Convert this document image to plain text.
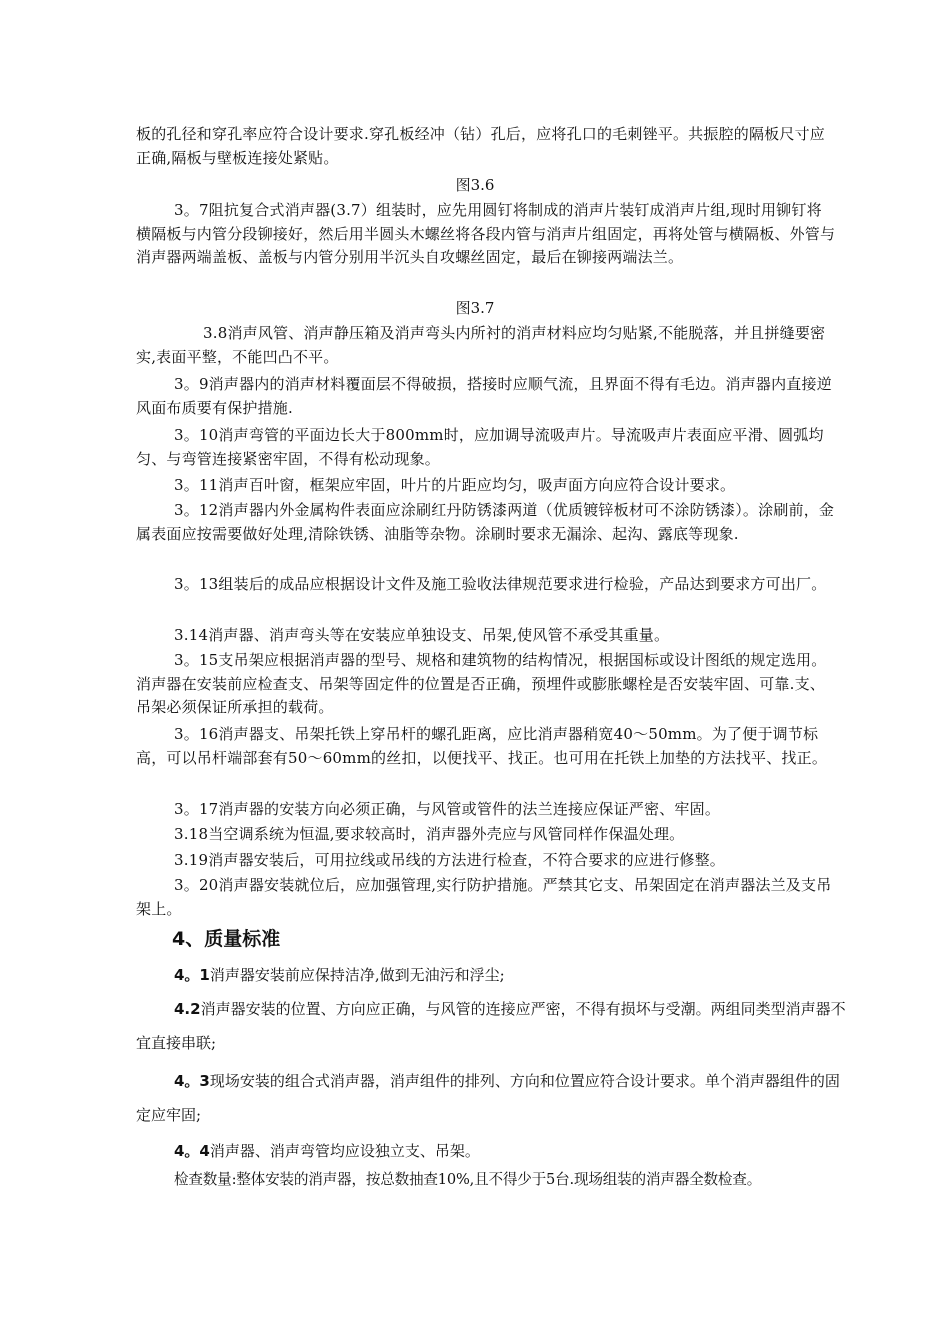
板的孔径和穿孔率应符合设计要求.穿孔板经冲（钻）孔后，应将孔口的毛刺锉平。共振腔的隔板尺寸应正确,隔板与壁板连接处紧贴。

图3.6

3。7阻抗复合式消声器(3.7）组装时，应先用圆钉将制成的消声片装钉成消声片组,现时用铆钉将横隔板与内管分段铆接好，然后用半圆头木螺丝将各段内管与消声片组固定，再将处管与横隔板、外管与消声器两端盖板、盖板与内管分别用半沉头自攻螺丝固定，最后在铆接两端法兰。

图3.7

3.8消声风管、消声静压箱及消声弯头内所衬的消声材料应均匀贴紧,不能脱落，并且拼缝要密实,表面平整，不能凹凸不平。

3。9消声器内的消声材料覆面层不得破损，搭接时应顺气流，且界面不得有毛边。消声器内直接逆风面布质要有保护措施.

3。10消声弯管的平面边长大于800mm时，应加调导流吸声片。导流吸声片表面应平滑、圆弧均匀、与弯管连接紧密牢固，不得有松动现象。

3。11消声百叶窗，框架应牢固，叶片的片距应均匀，吸声面方向应符合设计要求。

3。12消声器内外金属构件表面应涂刷红丹防锈漆两道（优质镀锌板材可不涂防锈漆）。涂刷前，金属表面应按需要做好处理,清除铁锈、油脂等杂物。涂刷时要求无漏涂、起沟、露底等现象.

3。13组装后的成品应根据设计文件及施工验收法律规范要求进行检验，产品达到要求方可出厂。

3.14消声器、消声弯头等在安装应单独设支、吊架,使风管不承受其重量。

3。15支吊架应根据消声器的型号、规格和建筑物的结构情况，根据国标或设计图纸的规定选用。消声器在安装前应检查支、吊架等固定件的位置是否正确，预埋件或膨胀螺栓是否安装牢固、可靠.支、吊架必须保证所承担的载荷。

3。16消声器支、吊架托铁上穿吊杆的螺孔距离，应比消声器稍宽40～50mm。为了便于调节标高，可以吊杆端部套有50～60mm的丝扣，以便找平、找正。也可用在托铁上加垫的方法找平、找正。

3。17消声器的安装方向必须正确，与风管或管件的法兰连接应保证严密、牢固。

3.18当空调系统为恒温,要求较高时，消声器外壳应与风管同样作保温处理。

3.19消声器安装后，可用拉线或吊线的方法进行检查，不符合要求的应进行修整。

3。20消声器安装就位后，应加强管理,实行防护措施。严禁其它支、吊架固定在消声器法兰及支吊架上。

4、质量标准

4。1消声器安装前应保持洁净,做到无油污和浮尘;

4.2消声器安装的位置、方向应正确，与风管的连接应严密，不得有损坏与受潮。两组同类型消声器不宜直接串联;

4。3现场安装的组合式消声器，消声组件的排列、方向和位置应符合设计要求。单个消声器组件的固定应牢固;

4。4消声器、消声弯管均应设独立支、吊架。

检查数量:整体安装的消声器，按总数抽查10%,且不得少于5台.现场组装的消声器全数检查。
